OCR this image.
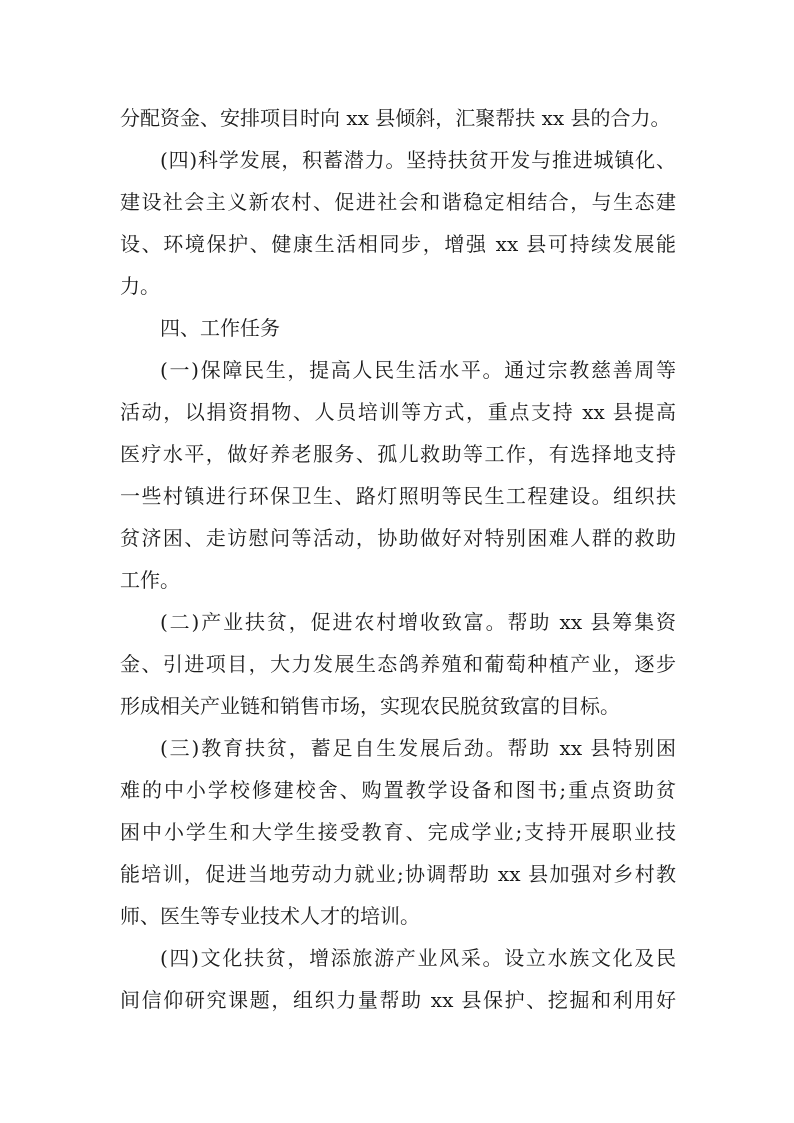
分配资金、安排项目时向 xx 县倾斜，汇聚帮扶 xx 县的合力。
(四)科学发展，积蓄潜力。坚持扶贫开发与推进城镇化、
建设社会主义新农村、促进社会和谐稳定相结合，与生态建
设、环境保护、健康生活相同步，增强 xx 县可持续发展能
力。
四、工作任务
(一)保障民生，提高人民生活水平。通过宗教慈善周等
活动，以捐资捐物、人员培训等方式，重点支持 xx 县提高
医疗水平，做好养老服务、孤儿救助等工作，有选择地支持
一些村镇进行环保卫生、路灯照明等民生工程建设。组织扶
贫济困、走访慰问等活动，协助做好对特别困难人群的救助
工作。
(二)产业扶贫，促进农村增收致富。帮助 xx 县筹集资
金、引进项目，大力发展生态鸽养殖和葡萄种植产业，逐步
形成相关产业链和销售市场，实现农民脱贫致富的目标。
(三)教育扶贫，蓄足自生发展后劲。帮助 xx 县特别困
难的中小学校修建校舍、购置教学设备和图书;重点资助贫
困中小学生和大学生接受教育、完成学业;支持开展职业技
能培训，促进当地劳动力就业;协调帮助 xx 县加强对乡村教
师、医生等专业技术人才的培训。
(四)文化扶贫，增添旅游产业风采。设立水族文化及民
间信仰研究课题，组织力量帮助 xx 县保护、挖掘和利用好
